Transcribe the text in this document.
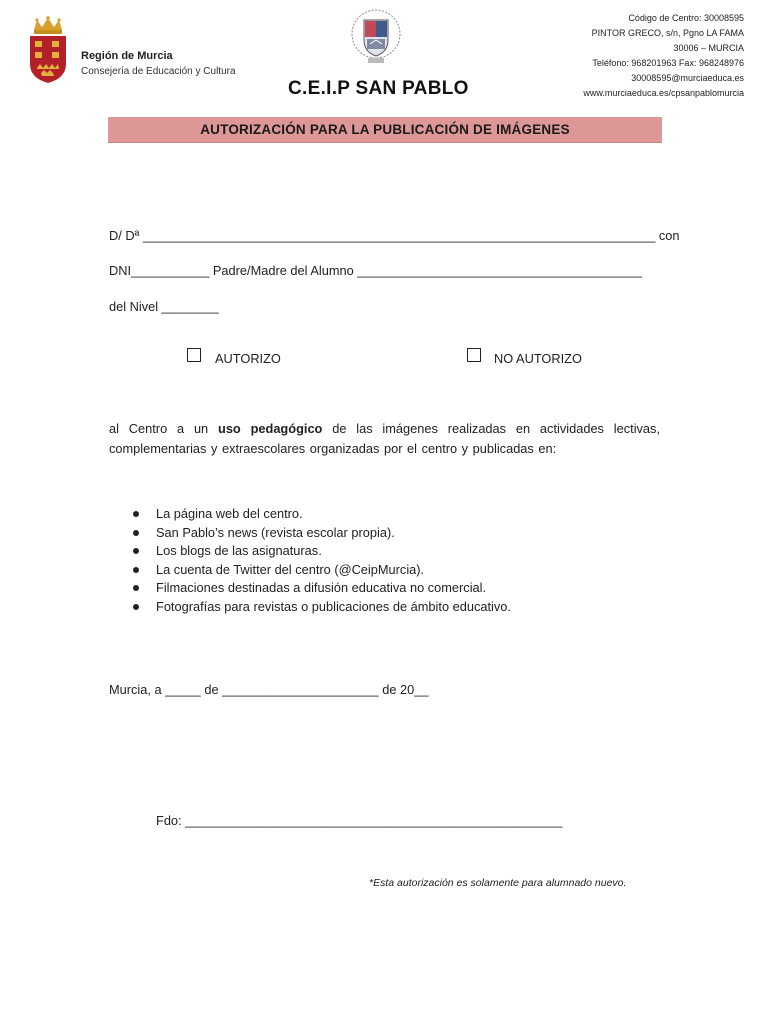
Región de Murcia
Consejería de Educación y Cultura
C.E.I.P SAN PABLO
Código de Centro: 30008595
PINTOR GRECO, s/n, Pgno LA FAMA
30006 – MURCIA
Teléfono: 968201963 Fax: 968248976
30008595@murciaeduca.es
www.murciaeduca.es/cpsanpablomurcia
AUTORIZACIÓN PARA LA PUBLICACIÓN DE IMÁGENES
D/ Dª ________________________________________________________________________ con
DNI___________ Padre/Madre del Alumno ________________________________________
del Nivel ________
AUTORIZO	NO AUTORIZO
al Centro a un uso pedagógico de las imágenes realizadas en actividades lectivas, complementarias y extraescolares organizadas por el centro y publicadas en:
La página web del centro.
San Pablo’s news (revista escolar propia).
Los blogs de las asignaturas.
La cuenta de Twitter del centro (@CeipMurcia).
Filmaciones destinadas a difusión educativa no comercial.
Fotografías para revistas o publicaciones de ámbito educativo.
Murcia, a _____ de ______________________ de 20__
Fdo: _____________________________________________________
*Esta autorización es solamente para alumnado nuevo.
